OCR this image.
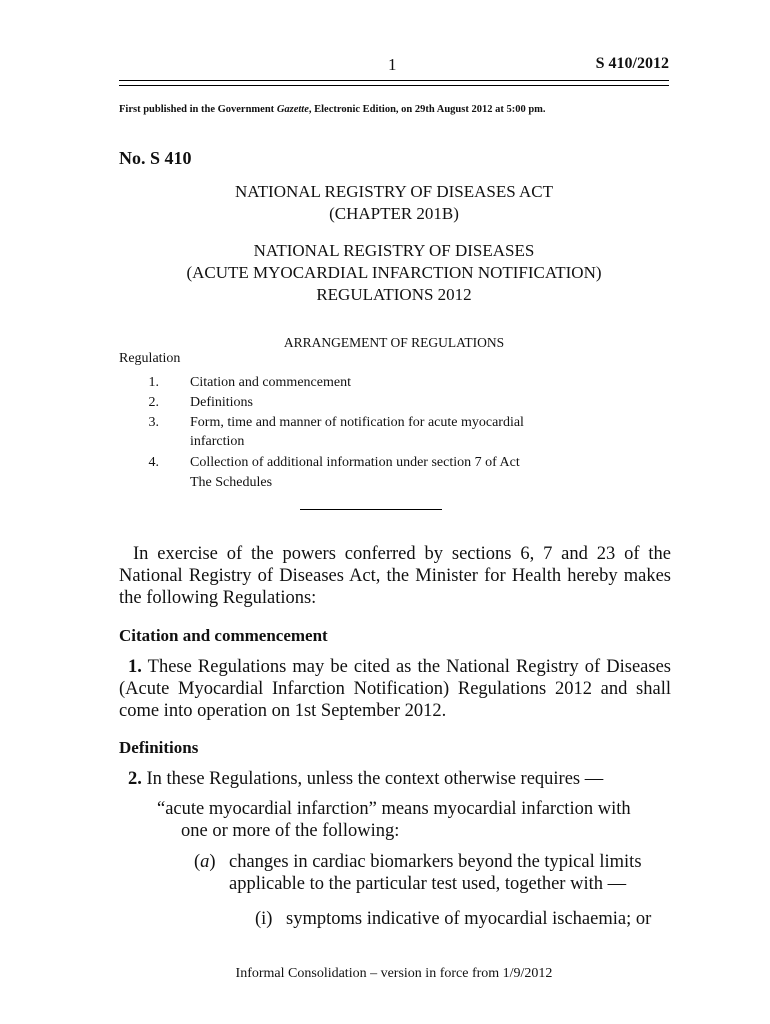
1	S 410/2012
First published in the Government Gazette, Electronic Edition, on 29th August 2012 at 5:00 pm.
No. S 410
NATIONAL REGISTRY OF DISEASES ACT
(CHAPTER 201B)
NATIONAL REGISTRY OF DISEASES
(ACUTE MYOCARDIAL INFARCTION NOTIFICATION)
REGULATIONS 2012
ARRANGEMENT OF REGULATIONS
Regulation
1. Citation and commencement
2. Definitions
3. Form, time and manner of notification for acute myocardial
infarction
4. Collection of additional information under section 7 of Act
The Schedules
In exercise of the powers conferred by sections 6, 7 and 23 of the National Registry of Diseases Act, the Minister for Health hereby makes the following Regulations:
Citation and commencement
1. These Regulations may be cited as the National Registry of Diseases (Acute Myocardial Infarction Notification) Regulations 2012 and shall come into operation on 1st September 2012.
Definitions
2. In these Regulations, unless the context otherwise requires —
“acute myocardial infarction” means myocardial infarction with
one or more of the following:
(a) changes in cardiac biomarkers beyond the typical limits
applicable to the particular test used, together with —
(i) symptoms indicative of myocardial ischaemia; or
Informal Consolidation – version in force from 1/9/2012
